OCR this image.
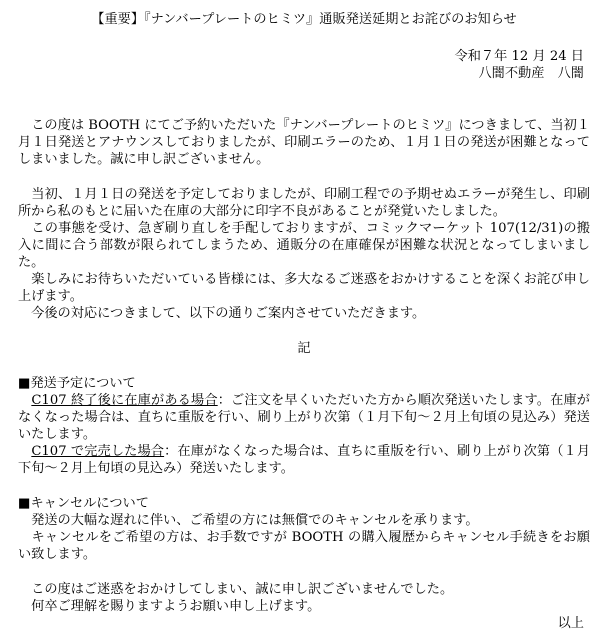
【重要】『ナンバープレートのヒミツ』通販発送延期とお詫びのお知らせ
令和７年 12 月 24 日
八闇不動産　八闇

　この度は BOOTH にてご予約いただいた『ナンバープレートのヒミツ』につきまして、当初１月１日発送とアナウンスしておりましたが、印刷エラーのため、１月１日の発送が困難となってしまいました。誠に申し訳ございません。

　当初、１月１日の発送を予定しておりましたが、印刷工程での予期せぬエラーが発生し、印刷所から私のもとに届いた在庫の大部分に印字不良があることが発覚いたしました。

　この事態を受け、急ぎ刷り直しを手配しておりますが、コミックマーケット 107(12/31)の搬入に間に合う部数が限られてしまうため、通販分の在庫確保が困難な状況となってしまいました。

　楽しみにお待ちいただいている皆様には、多大なるご迷惑をおかけすることを深くお詫び申し上げます。

　今後の対応につきまして、以下の通りご案内させていただきます。

記

■発送予定について

　C107 終了後に在庫がある場合：ご注文を早くいただいた方から順次発送いたします。在庫がなくなった場合は、直ちに重版を行い、刷り上がり次第（１月下旬～２月上旬頃の見込み）発送いたします。

　C107 で完売した場合：在庫がなくなった場合は、直ちに重版を行い、刷り上がり次第（１月下旬～２月上旬頃の見込み）発送いたします。

■キャンセルについて

　発送の大幅な遅れに伴い、ご希望の方には無償でのキャンセルを承ります。

　キャンセルをご希望の方は、お手数ですが BOOTH の購入履歴からキャンセル手続きをお願い致します。

　この度はご迷惑をおかけしてしまい、誠に申し訳ございませんでした。

　何卒ご理解を賜りますようお願い申し上げます。

以上
